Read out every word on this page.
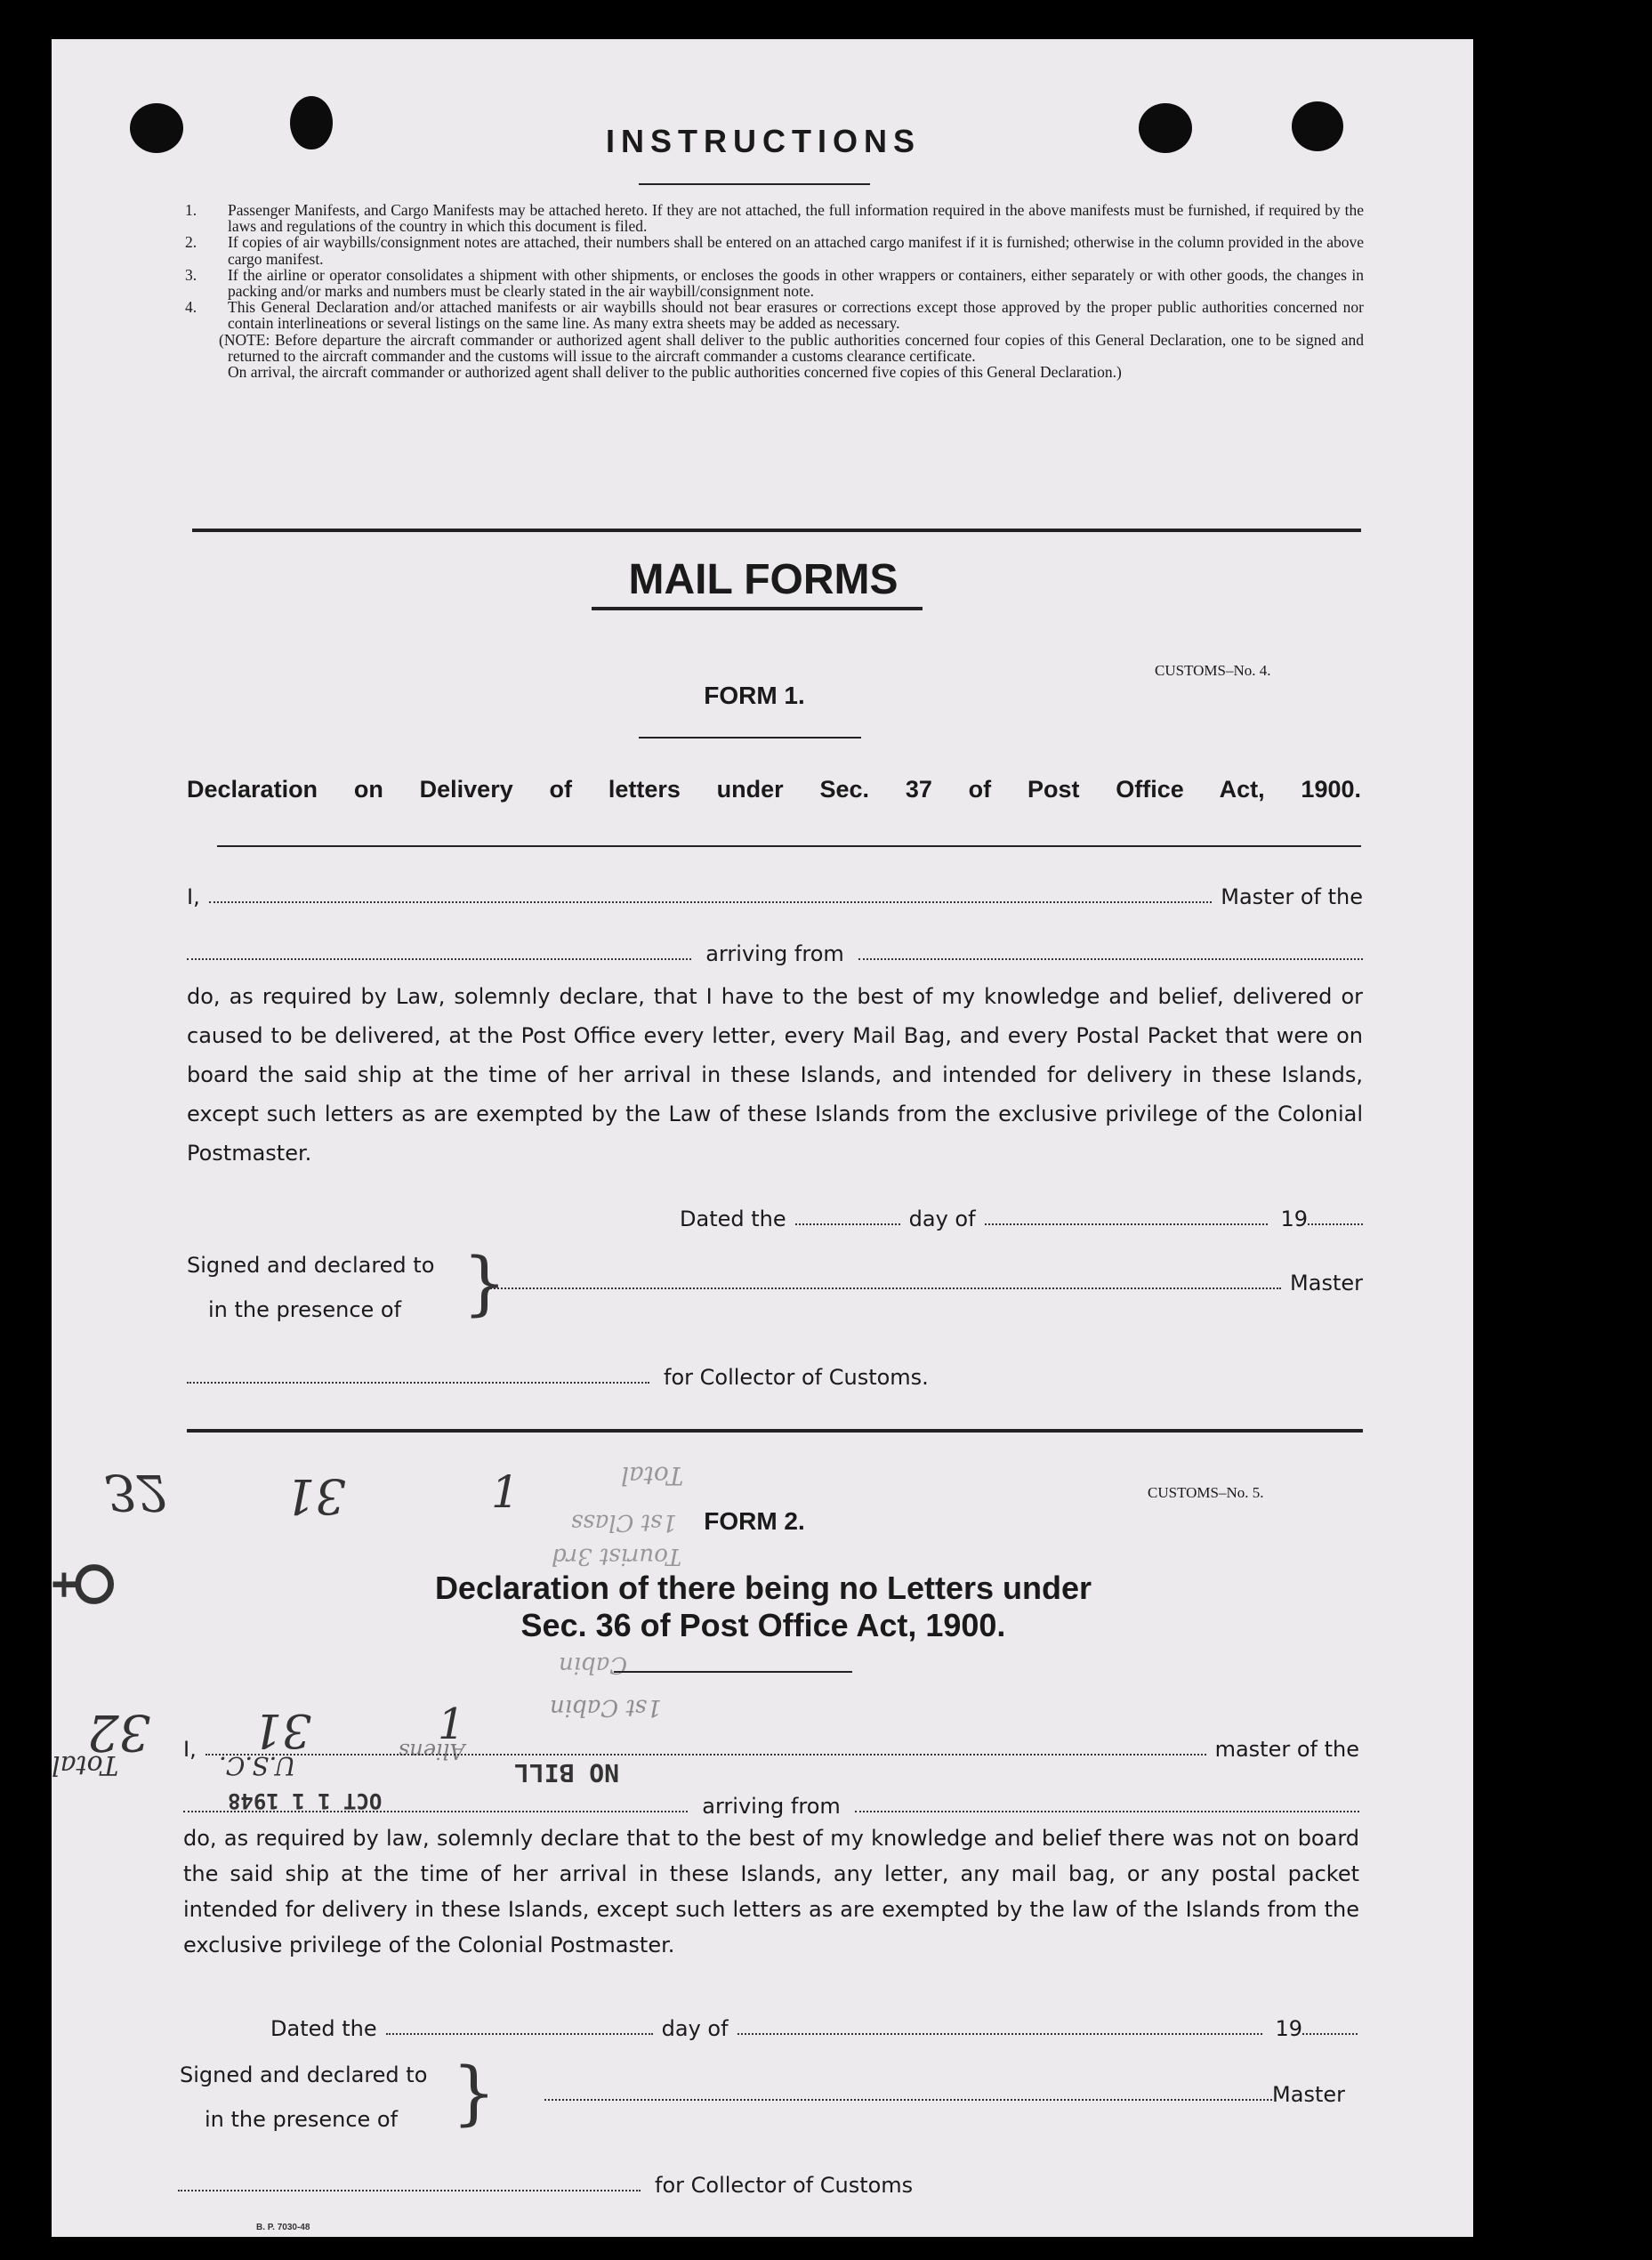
INSTRUCTIONS
1.	Passenger Manifests, and Cargo Manifests may be attached hereto. If they are not attached, the full information required in the above manifests must be furnished, if required by the laws and regulations of the country in which this document is filed.
2.	If copies of air waybills/consignment notes are attached, their numbers shall be entered on an attached cargo manifest if it is furnished; otherwise in the column provided in the above cargo manifest.
3.	If the airline or operator consolidates a shipment with other shipments, or encloses the goods in other wrappers or containers, either separately or with other goods, the changes in packing and/or marks and numbers must be clearly stated in the air waybill/consignment note.
4.	This General Declaration and/or attached manifests or air waybills should not bear erasures or corrections except those approved by the proper public authorities concerned nor contain interlineations or several listings on the same line. As many extra sheets may be added as necessary.
(NOTE: Before departure the aircraft commander or authorized agent shall deliver to the public authorities concerned four copies of this General Declaration, one to be signed and returned to the aircraft commander and the customs will issue to the aircraft commander a customs clearance certificate.
On arrival, the aircraft commander or authorized agent shall deliver to the public authorities concerned five copies of this General Declaration.)
MAIL FORMS
CUSTOMS–No. 4.
FORM 1.
Declaration on Delivery of letters under Sec. 37 of Post Office Act, 1900.
I,	Master of the
arriving from
do, as required by Law, solemnly declare, that I have to the best of my knowledge and belief, delivered or caused to be delivered, at the Post Office every letter, every Mail Bag, and every Postal Packet that were on board the said ship at the time of her arrival in these Islands, and intended for delivery in these Islands, except such letters as are exempted by the Law of these Islands from the exclusive privilege of the Colonial Postmaster.
Dated the	day of	19
Signed and declared to
in the presence of }	Master
for Collector of Customs.
CUSTOMS–No. 5.
FORM 2.
Declaration of there being no Letters under
Sec. 36 of Post Office Act, 1900.
I,	master of the
arriving from
do, as required by law, solemnly declare that to the best of my knowledge and belief there was not on board the said ship at the time of her arrival in these Islands, any letter, any mail bag, or any postal packet intended for delivery in these Islands, except such letters as are exempted by the law of the Islands from the exclusive privilege of the Colonial Postmaster.
Dated the	day of	19
Signed and declared to
in the presence of }	Master
for Collector of Customs
B. P. 7030-48
32 31	1	Total
1st Class
Tourist 3rd
Cabin
1st Cabin
32 31	1
Total	U.S.C.	Aliens
NO BILL
OCT 1 1 1948
♀
